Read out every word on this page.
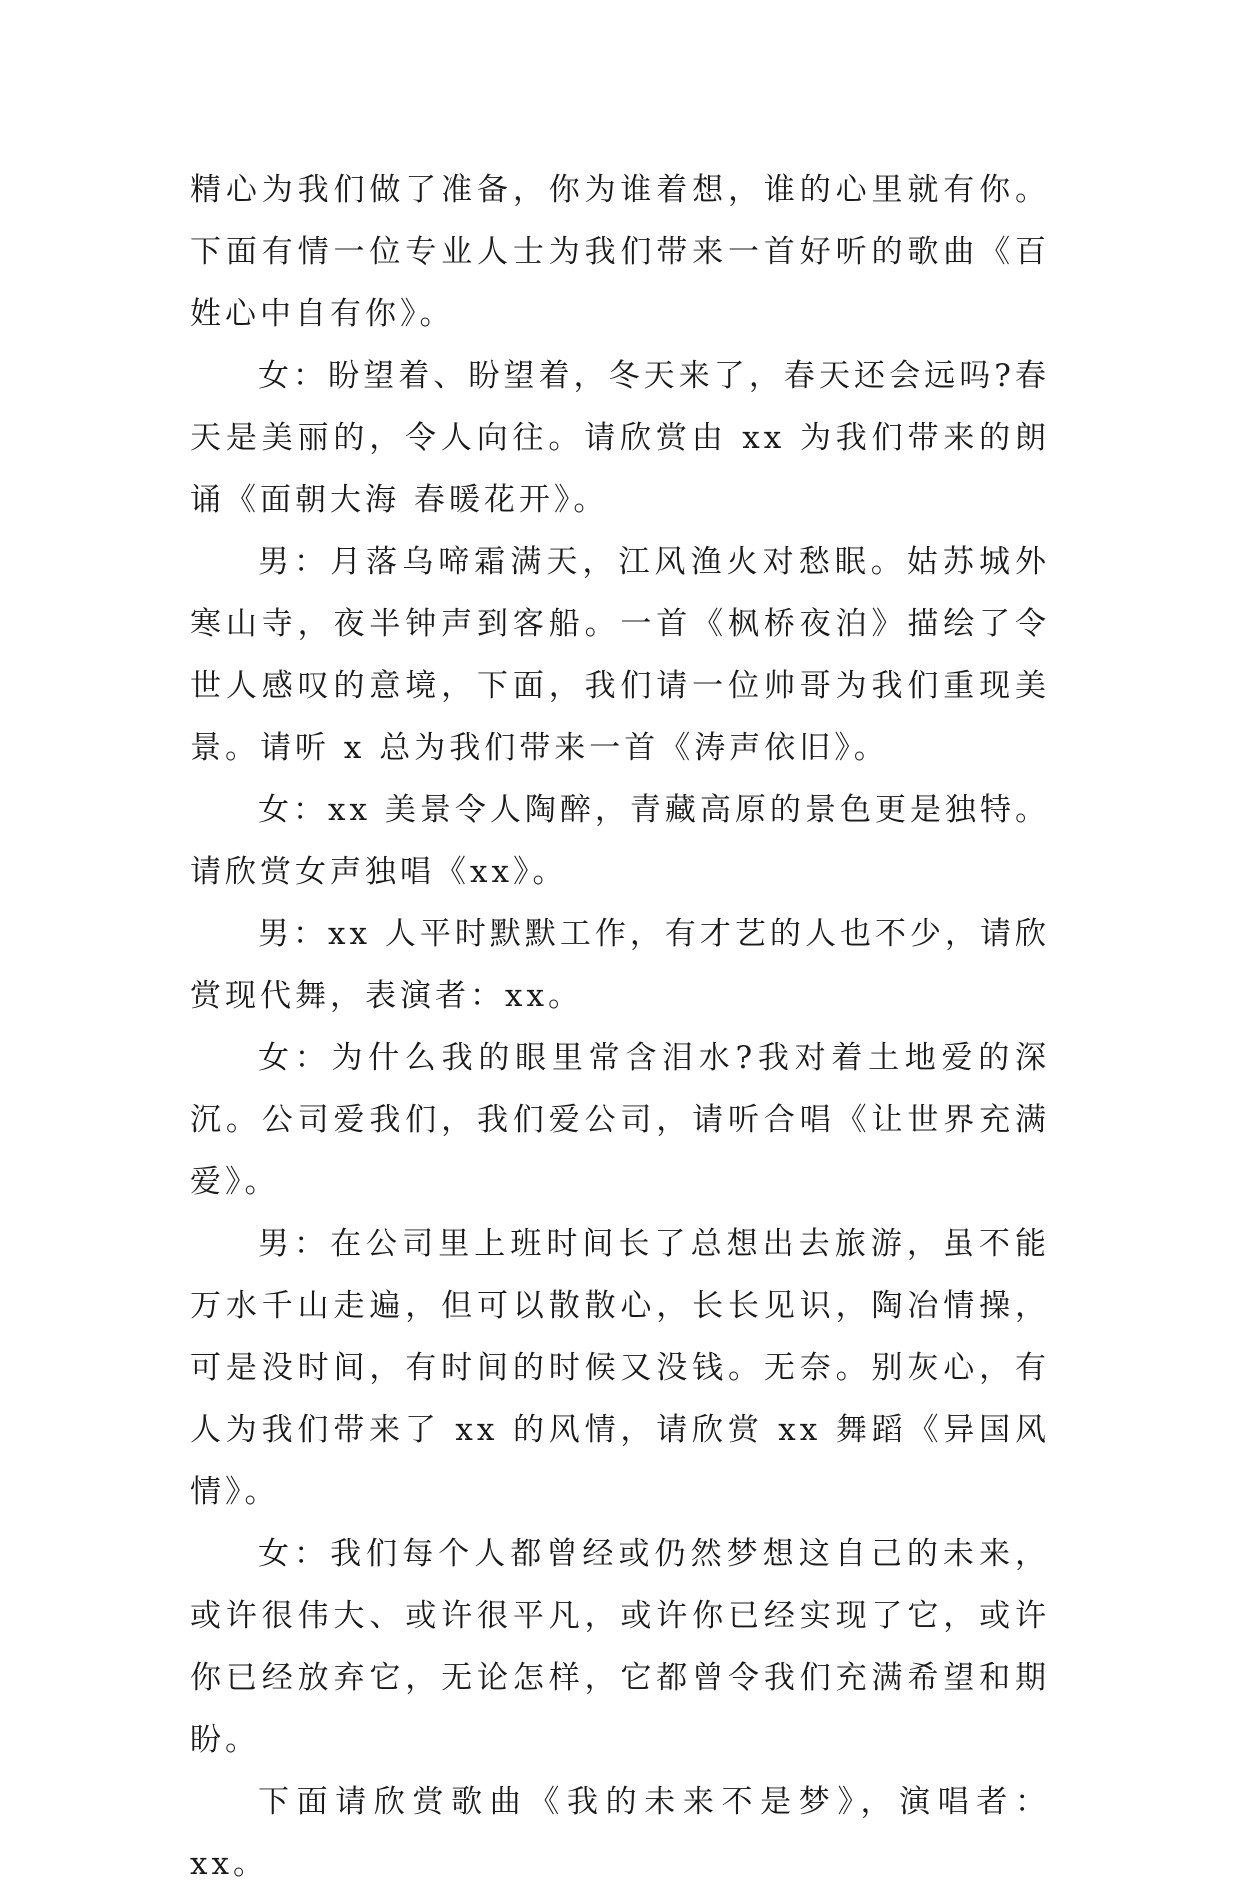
精心为我们做了准备，你为谁着想，谁的心里就有你。下面有情一位专业人士为我们带来一首好听的歌曲《百姓心中自有你》。

女：盼望着、盼望着，冬天来了，春天还会远吗?春天是美丽的，令人向往。请欣赏由 xx 为我们带来的朗诵《面朝大海 春暖花开》。

男：月落乌啼霜满天，江风渔火对愁眠。姑苏城外寒山寺，夜半钟声到客船。一首《枫桥夜泊》描绘了令世人感叹的意境，下面，我们请一位帅哥为我们重现美景。请听 x 总为我们带来一首《涛声依旧》。

女：xx 美景令人陶醉，青藏高原的景色更是独特。请欣赏女声独唱《xx》。

男：xx 人平时默默工作，有才艺的人也不少，请欣赏现代舞，表演者：xx。

女：为什么我的眼里常含泪水?我对着土地爱的深沉。公司爱我们，我们爱公司，请听合唱《让世界充满爱》。

男：在公司里上班时间长了总想出去旅游，虽不能万水千山走遍，但可以散散心，长长见识，陶冶情操，可是没时间，有时间的时候又没钱。无奈。别灰心，有人为我们带来了 xx 的风情，请欣赏 xx 舞蹈《异国风情》。

女：我们每个人都曾经或仍然梦想这自己的未来，或许很伟大、或许很平凡，或许你已经实现了它，或许你已经放弃它，无论怎样，它都曾令我们充满希望和期盼。

下面请欣赏歌曲《我的未来不是梦》，演唱者：xx。
